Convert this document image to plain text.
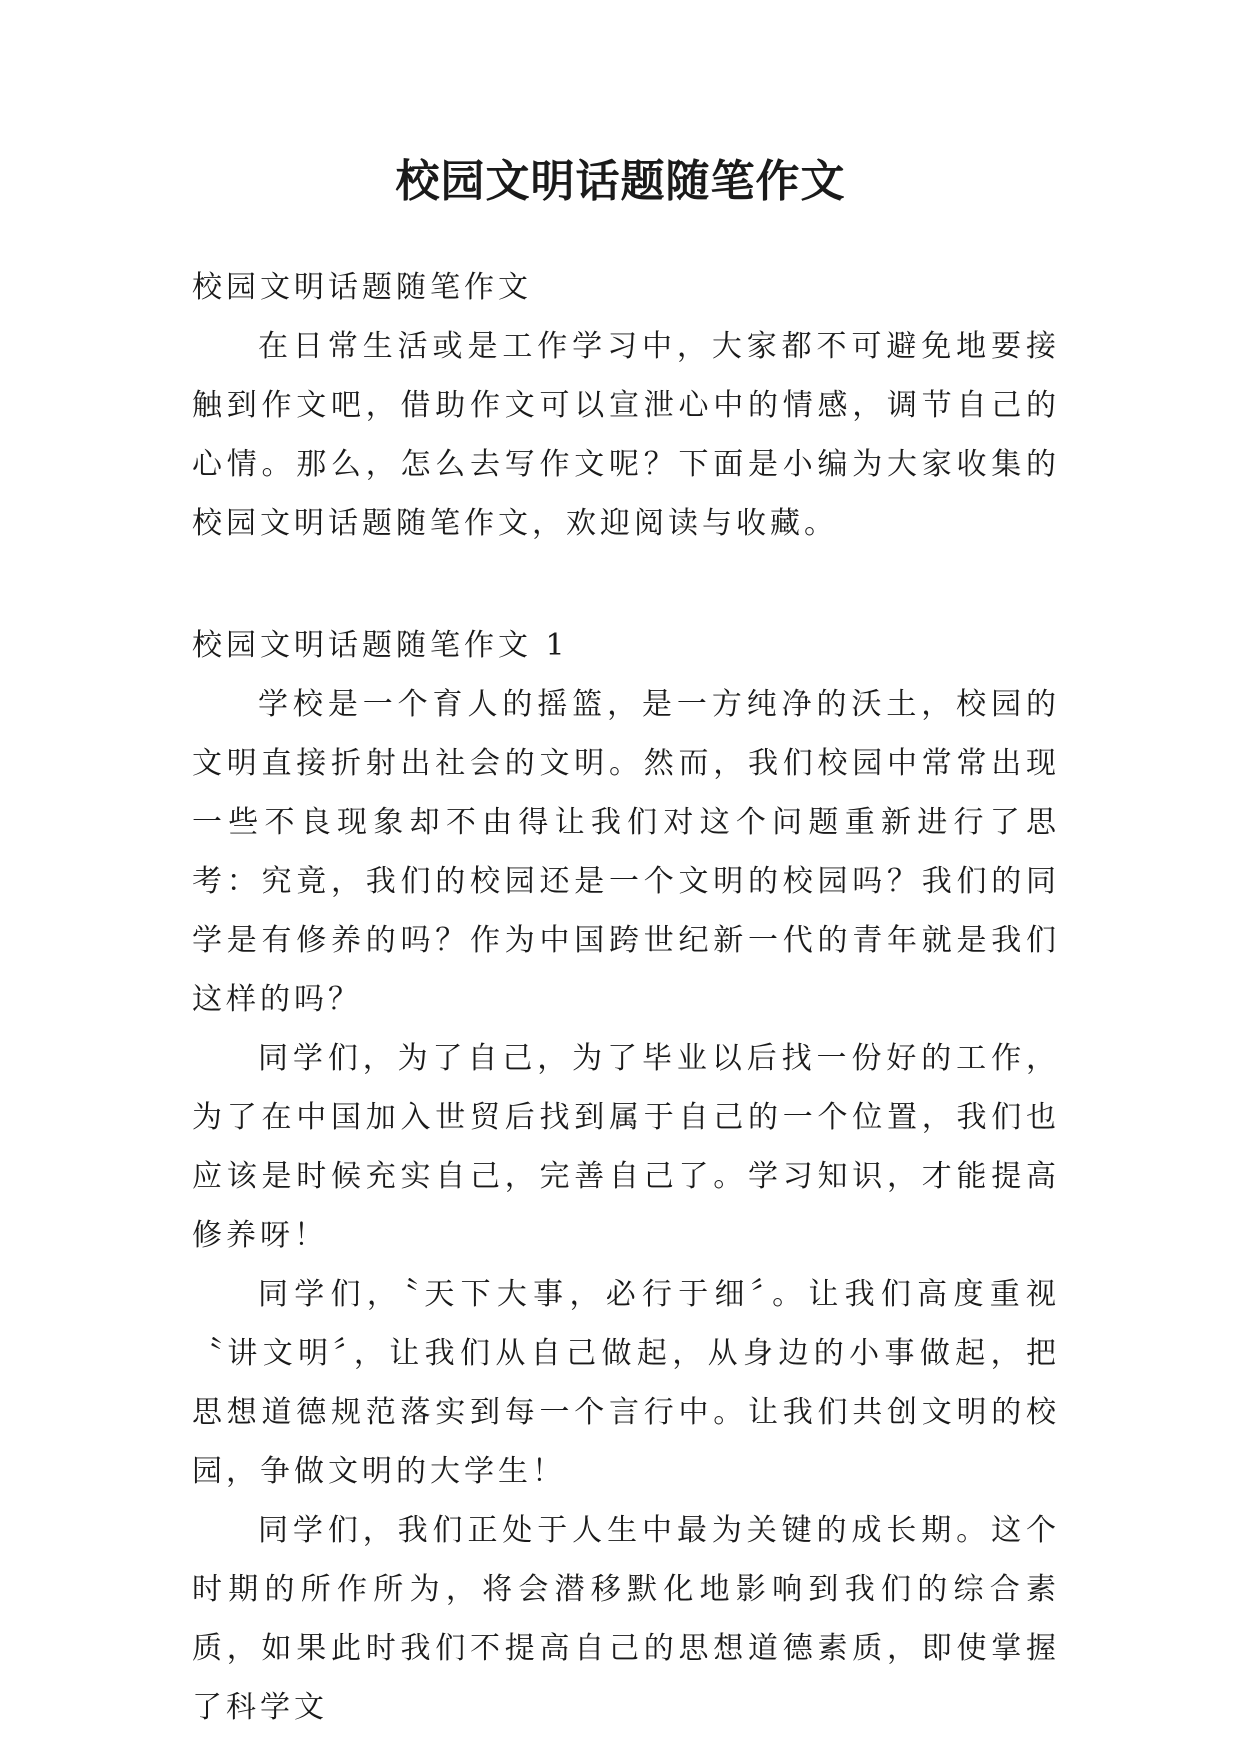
校园文明话题随笔作文

校园文明话题随笔作文

在日常生活或是工作学习中，大家都不可避免地要接触到作文吧，借助作文可以宣泄心中的情感，调节自己的心情。那么，怎么去写作文呢？下面是小编为大家收集的校园文明话题随笔作文，欢迎阅读与收藏。

校园文明话题随笔作文 1

学校是一个育人的摇篮，是一方纯净的沃土，校园的文明直接折射出社会的文明。然而，我们校园中常常出现一些不良现象却不由得让我们对这个问题重新进行了思考：究竟，我们的校园还是一个文明的校园吗？我们的同学是有修养的吗？作为中国跨世纪新一代的青年就是我们这样的吗？

同学们，为了自己，为了毕业以后找一份好的工作，为了在中国加入世贸后找到属于自己的一个位置，我们也应该是时候充实自己，完善自己了。学习知识，才能提高修养呀！

同学们，〝天下大事，必行于细〞。让我们高度重视〝讲文明〞，让我们从自己做起，从身边的小事做起，把思想道德规范落实到每一个言行中。让我们共创文明的校园，争做文明的大学生！

同学们，我们正处于人生中最为关键的成长期。这个时期的所作所为，将会潜移默化地影响到我们的综合素质，如果此时我们不提高自己的思想道德素质，即使掌握了科学文
